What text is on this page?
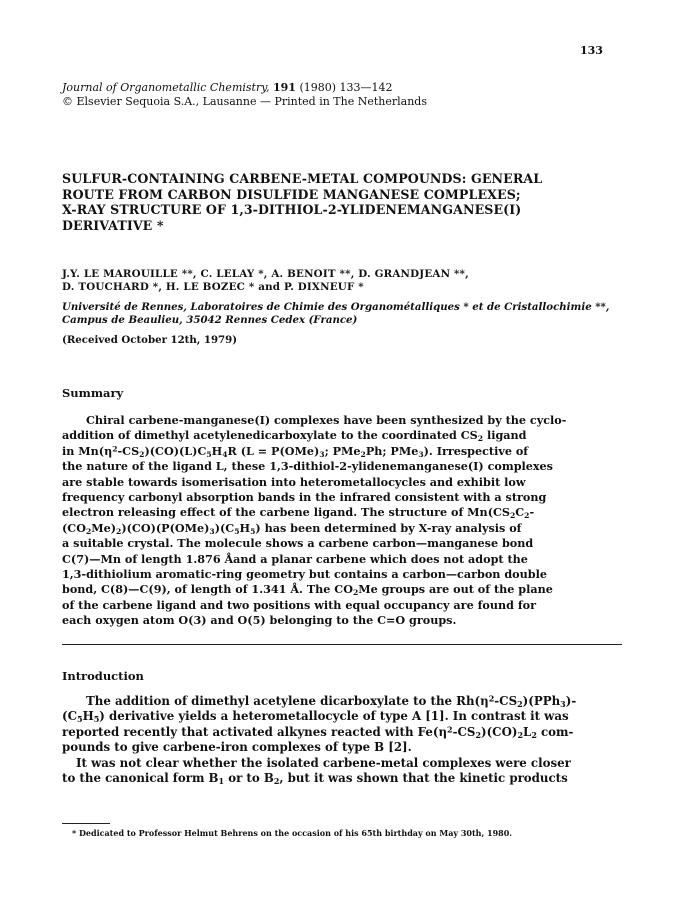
133
Journal of Organometallic Chemistry, 191 (1980) 133—142
© Elsevier Sequoia S.A., Lausanne — Printed in The Netherlands
SULFUR-CONTAINING CARBENE-METAL COMPOUNDS: GENERAL
ROUTE FROM CARBON DISULFIDE MANGANESE COMPLEXES;
X-RAY STRUCTURE OF 1,3-DITHIOL-2-YLIDENEMANGANESE(I)
DERIVATIVE *
J.Y. LE MAROUILLE **, C. LELAY *, A. BENOIT **, D. GRANDJEAN **,
D. TOUCHARD *, H. LE BOZEC * and P. DIXNEUF *
Université de Rennes, Laboratoires de Chimie des Organométalliques * et de Cristallochimie **,
Campus de Beaulieu, 35042 Rennes Cedex (France)
(Received October 12th, 1979)
Summary
Chiral carbene-manganese(I) complexes have been synthesized by the cyclo-
addition of dimethyl acetylenedicarboxylate to the coordinated $CS_2$ ligand
in $Mn(\eta^2-CS_2)(CO)(L)C_5H_4R$ ($L = P(OMe)_3$; PMe$_2$Ph; PMe$_3$). Irrespective of
the nature of the ligand L, these 1,3-dithiol-2-ylidenemanganese(I) complexes
are stable towards isomerisation into heterometallocycles and exhibit low
frequency carbonyl absorption bands in the infrared consistent with a strong
electron releasing effect of the carbene ligand. The structure of $Mn(CS_2C_2-$
$(CO_2Me)_2)(CO)(P(OMe)_3)(C_5H_5)$ has been determined by X-ray analysis of
a suitable crystal. The molecule shows a carbene carbon—manganese bond
C(7)—Mn of length 1.876 Åand a planar carbene which does not adopt the
1,3-dithiolium aromatic-ring geometry but contains a carbon—carbon double
bond, C(8)—C(9), of length of 1.341 Å. The $CO_2Me$ groups are out of the plane
of the carbene ligand and two positions with equal occupancy are found for
each oxygen atom O(3) and O(5) belonging to the C=O groups.
Introduction
The addition of dimethyl acetylene dicarboxylate to the $Rh(\eta^2-CS_2)(PPh_3)-$
$(C_5H_5)$ derivative yields a heterometallocycle of type A [1]. In contrast it was
reported recently that activated alkynes reacted with $Fe(\eta^2-CS_2)(CO)_2L_2$ com-
pounds to give carbene-iron complexes of type B [2].
It was not clear whether the isolated carbene-metal complexes were closer
to the canonical form $B_1$ or to $B_2$, but it was shown that the kinetic products
* Dedicated to Professor Helmut Behrens on the occasion of his 65th birthday on May 30th, 1980.
